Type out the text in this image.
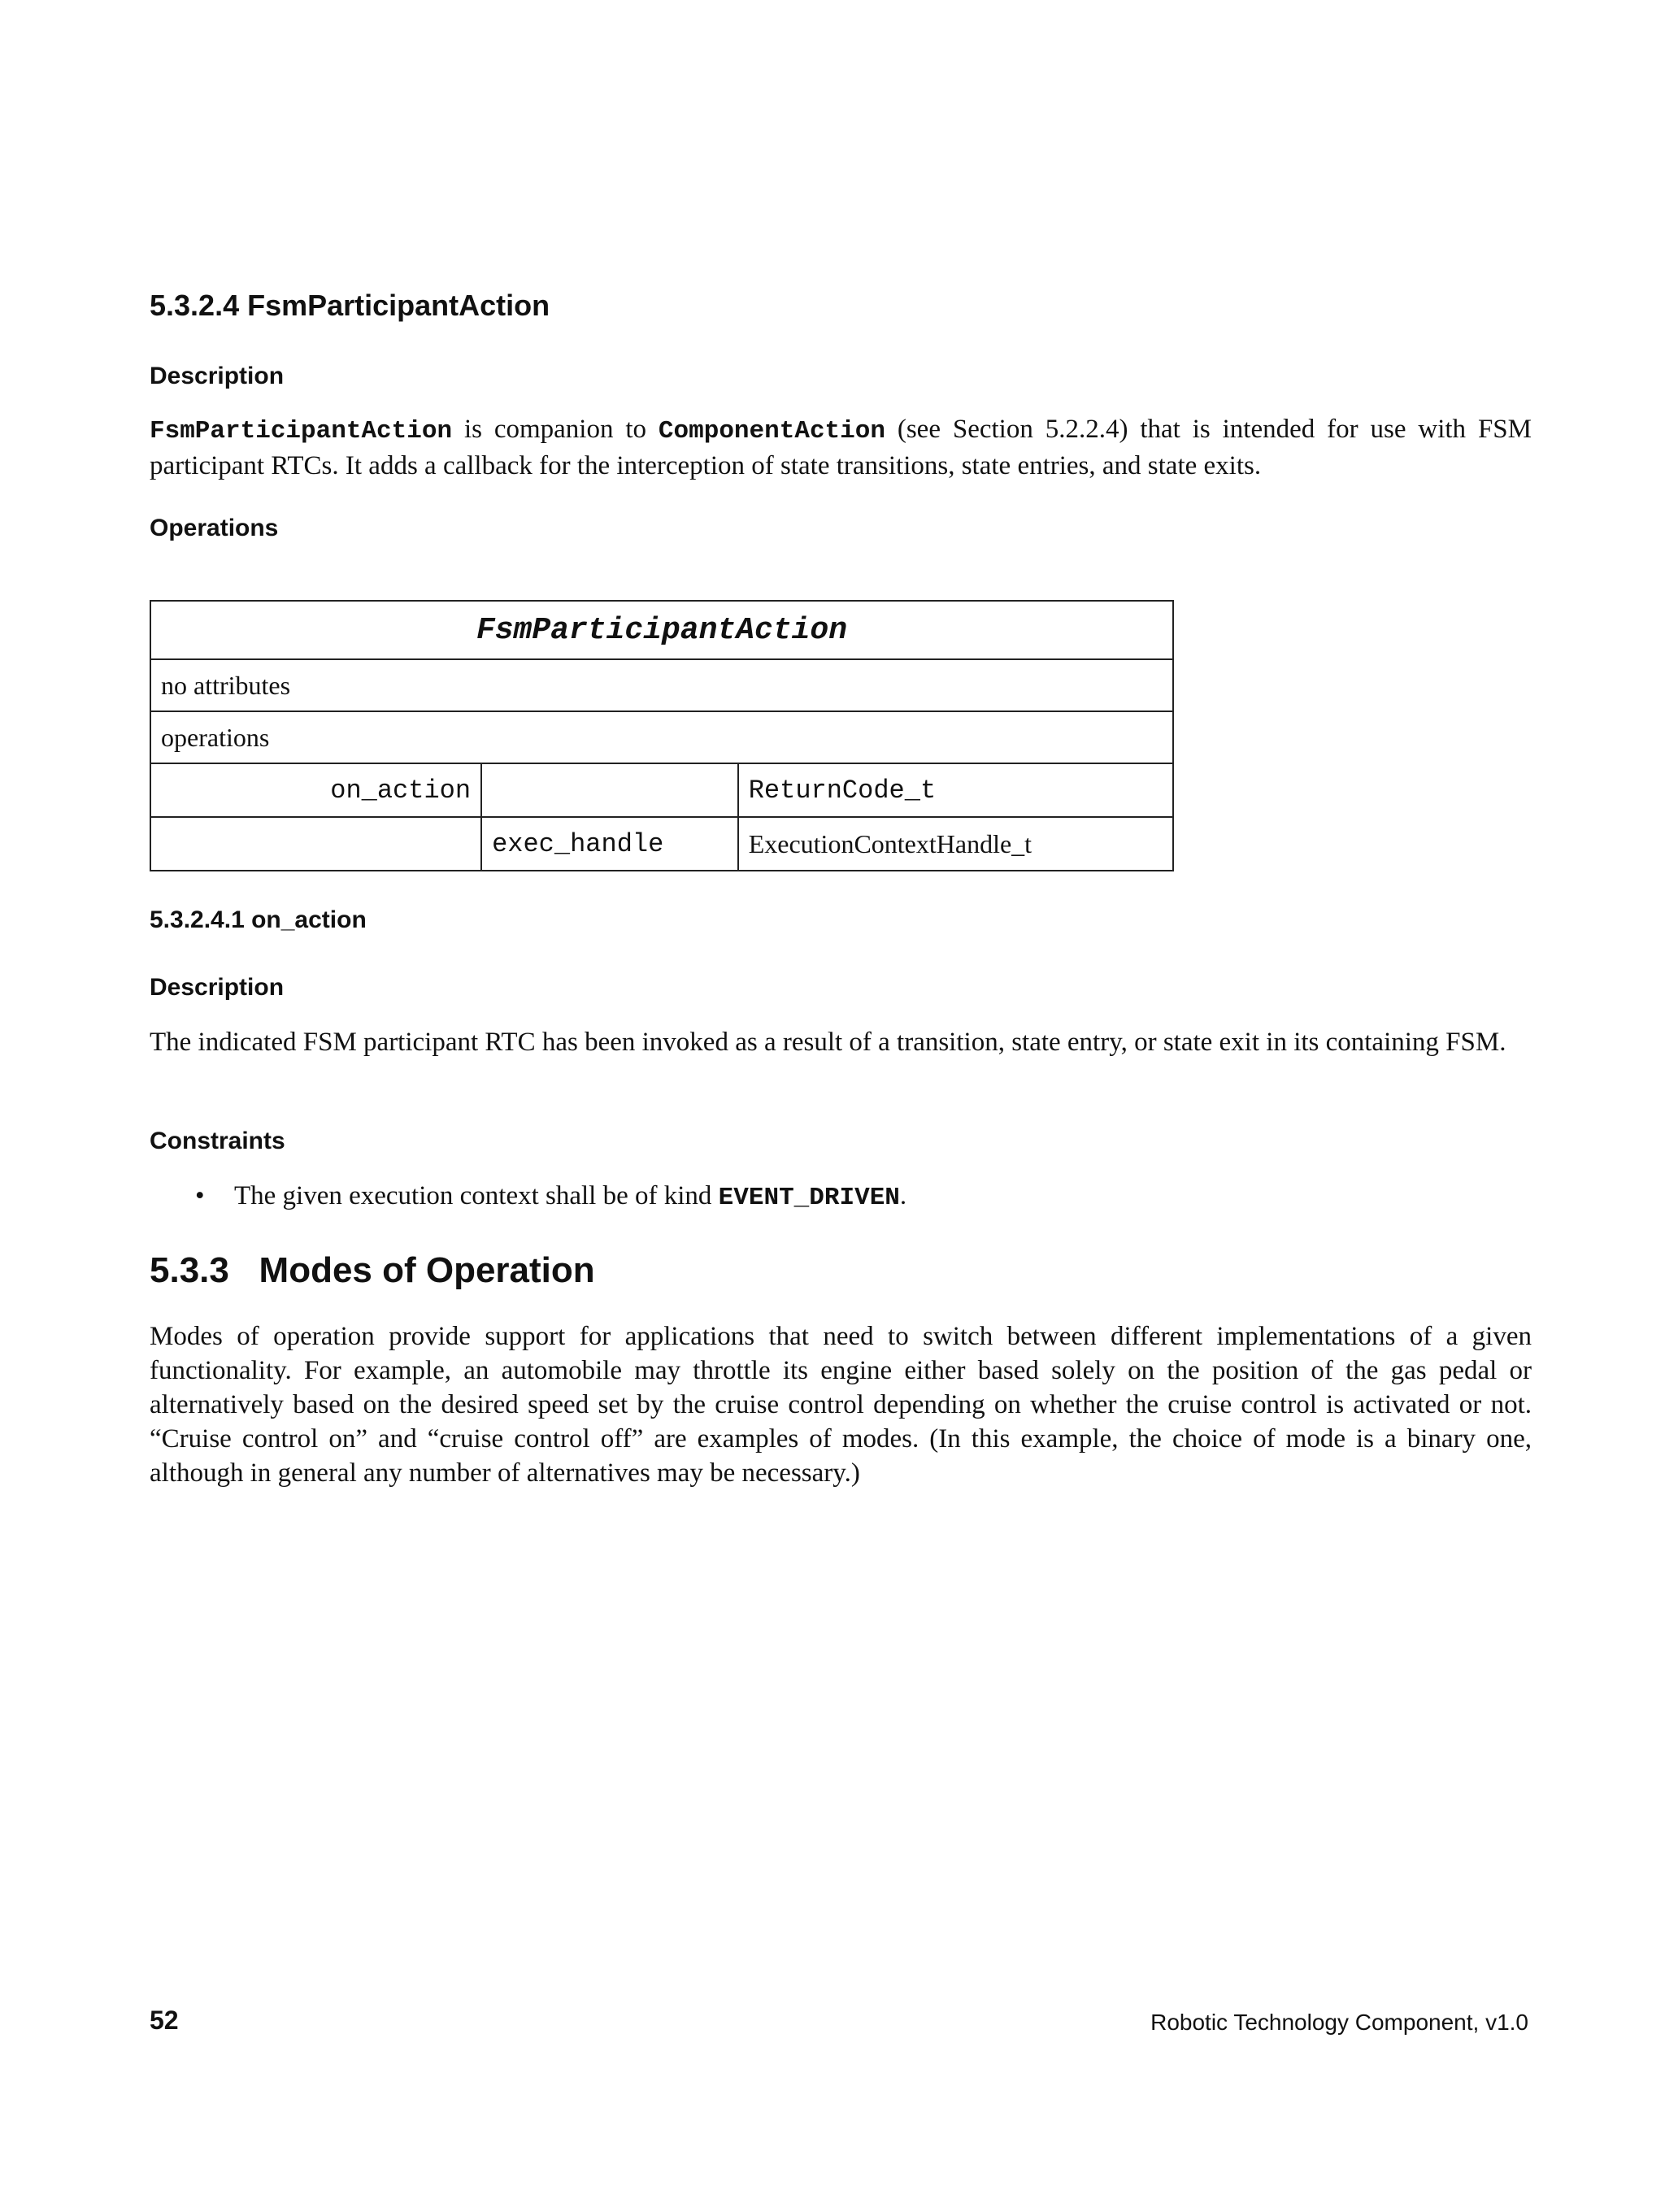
5.3.2.4 FsmParticipantAction
Description
FsmParticipantAction is companion to ComponentAction (see Section 5.2.2.4) that is intended for use with FSM participant RTCs. It adds a callback for the interception of state transitions, state entries, and state exits.
Operations
FsmParticipantAction		
no attributes		
operations		
on_action		ReturnCode_t
	exec_handle	ExecutionContextHandle_t
5.3.2.4.1 on_action
Description
The indicated FSM participant RTC has been invoked as a result of a transition, state entry, or state exit in its containing FSM.
Constraints
• The given execution context shall be of kind EVENT_DRIVEN.
5.3.3   Modes of Operation
Modes of operation provide support for applications that need to switch between different implementations of a given functionality. For example, an automobile may throttle its engine either based solely on the position of the gas pedal or alternatively based on the desired speed set by the cruise control depending on whether the cruise control is activated or not. “Cruise control on” and “cruise control off” are examples of modes. (In this example, the choice of mode is a binary one, although in general any number of alternatives may be necessary.)
52	Robotic Technology Component, v1.0
